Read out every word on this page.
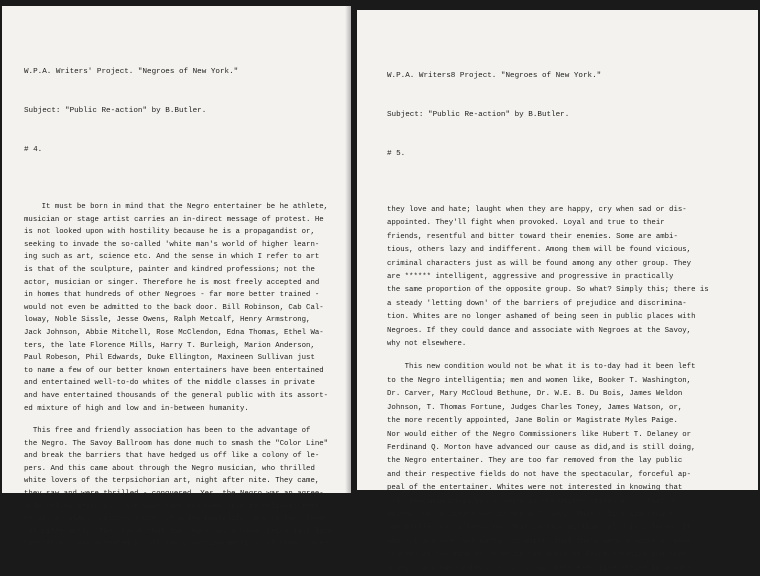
W.P.A. Writers' Project. "Negroes of New York."

Subject: "Public Re-action" by B.Butler.

# 4.

It must be born in mind that the Negro entertainer be he athlete,
musician or stage artist carries an in-direct message of protest. He
is not looked upon with hostility because he is a propagandist or,
seeking to invade the so-called 'white man's world of higher learn-
ing such as art, science etc. And the sense in which I refer to art
is that of the sculpture, painter and kindred professions; not the
actor, musician or singer. Therefore he is most freely accepted and
in homes that hundreds of other Negroes - far more better trained -
would not even be admitted to the back door. Bill Robinson, Cab Cal-
loway, Noble Sissle, Jesse Owens, Ralph Metcalf, Henry Armstrong,
Jack Johnson, Abbie Mitchell, Rose McClendon, Edna Thomas, Ethel Wa-
ters, the late Florence Mills, Harry T. Burleigh, Marion Anderson,
Paul Robeson, Phil Edwards, Duke Ellington, Maxineen Sullivan just
to name a few of our better known entertainers have been entertained
and entertained well-to-do whites of the middle classes in private
and have entertained thousands of the general public with its assort-
ed mixture of high and low and in-between humanity.
This free and friendly association has been to the advantage of
the Negro. The Savoy Ballroom has done much to smash the "Color Line"
and break the barriers that have hedged us off like a colony of le-
pers. And this came about through the Negro musician, who thrilled
white lovers of the terpsichorian art, night after nite. They came,
they saw and were thrilled - conquered. Yes, the Negro was an agree-
able fellow after all. Not what they had been lead to believe; that
he was a 'black, vicious brute' of a low mentality. And so they found
out differently. They found that the Negro was a human being just like
themselves; was actuated by all the governing emotions of other races;

W.P.A. Writers8 Project. "Negroes of New York."

Subject: "Public Re-action" by B.Butler.

# 5.

they love and hate; laught when they are happy, cry when sad or dis-
appointed. They'll fight when provoked. Loyal and true to their
friends, resentful and bitter toward their enemies. Some are ambi-
tious, others lazy and indifferent. Among them will be found vicious,
criminal characters just as will be found among any other group. They
are ****** intelligent, aggressive and progressive in practically
the same proportion of the opposite group. So what? Simply this; there is
a steady 'letting down' of the barriers of prejudice and discrimina-
tion. Whites are no longer ashamed of being seen in public places with
Negroes. If they could dance and associate with Negroes at the Savoy,
why not elsewhere.
This new condition would not be what it is to-day had it been left
to the Negro intelligentia; men and women like, Booker T. Washington,
Dr. Carver, Mary McCloud Bethune, Dr. W.E. B. Du Bois, James Weldon
Johnson, T. Thomas Fortune, Judges Charles Toney, James Watson, or,
the more recently appointed, Jane Bolin or Magistrate Myles Paige.
Nor would either of the Negro Commissioners like Hubert T. Delaney or
Ferdinand Q. Morton have advanced our cause as did,and is still doing,
the Negro entertainer. They are too far removed from the lay public
and their respective fields do not have the spectacular, forceful ap-
peal of the entertainer. Whites were not interested in knowing that
Col. Benjamin Davis,was a Negro in the United States Army; that Dr.
Bishop, was a lieutenant in the U.S. Navy. That Police Lieutenant
Sam Battles was a Negro nor that Captain Williams also is colored. It
did not and does not matter to whites that there were a score or more
Negroes at one time or other in the House of Representative and that
a Negro and many others of our group, held executive office in a num-
